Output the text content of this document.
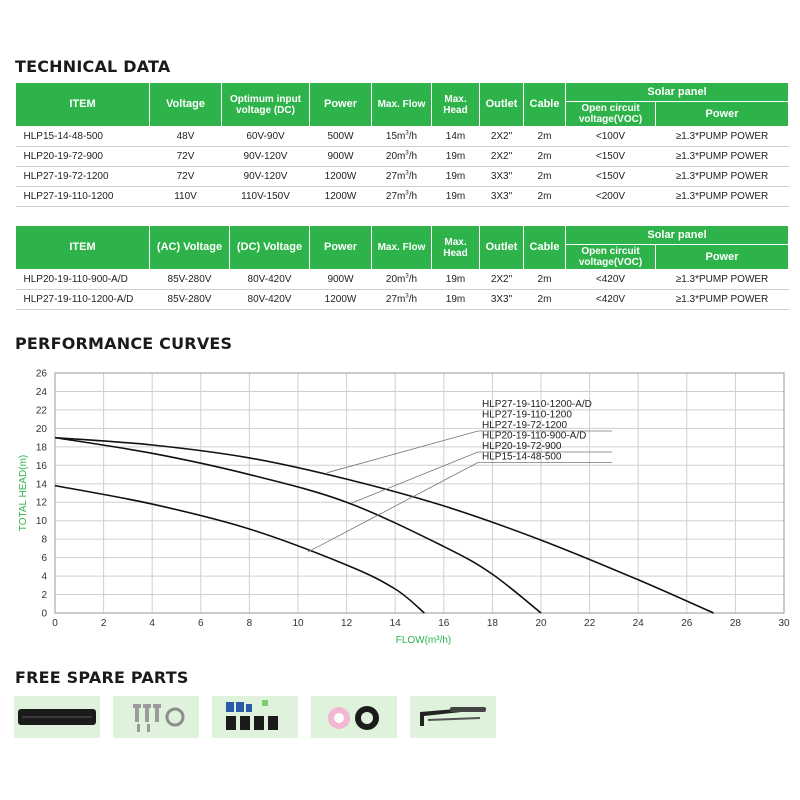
TECHNICAL DATA
ITEM	Voltage	Optimum input voltage (DC)	Power	Max. Flow	Max. Head	Outlet	Cable	Solar panel	
								Open circuit voltage(VOC)	Power
HLP15-14-48-500	48V	60V-90V	500W	$15m^3/h$	14m	2X2"	2m	<100V	≥1.3*PUMP POWER
HLP20-19-72-900	72V	90V-120V	900W	$20m^3/h$	19m	2X2"	2m	<150V	≥1.3*PUMP POWER
HLP27-19-72-1200	72V	90V-120V	1200W	$27m^3/h$	19m	3X3"	2m	<150V	≥1.3*PUMP POWER
HLP27-19-110-1200	110V	110V-150V	1200W	$27m^3/h$	19m	3X3"	2m	<200V	≥1.3*PUMP POWER
ITEM	(AC) Voltage	(DC) Voltage	Power	Max. Flow	Max. Head	Outlet	Cable	Solar panel	
								Open circuit voltage(VOC)	Power
HLP20-19-110-900-A/D	85V-280V	80V-420V	900W	$20m^3/h$	19m	2X2"	2m	<420V	≥1.3*PUMP POWER
HLP27-19-110-1200-A/D	85V-280V	80V-420V	1200W	$27m^3/h$	19m	3X3"	2m	<420V	≥1.3*PUMP POWER
PERFORMANCE CURVES
0	2	4	6	8	10	12	14	16	18	20	22	24	26	28	30
0
2
4
6
8
10
12
14
16
18
20
22
24
26
HLP27-19-110-1200-A/D
HLP27-19-110-1200
HLP27-19-72-1200
HLP20-19-110-900-A/D
HLP20-19-72-900
HLP15-14-48-500
FLOW(m³/h)
TOTAL HEAD(m)
FREE SPARE PARTS
